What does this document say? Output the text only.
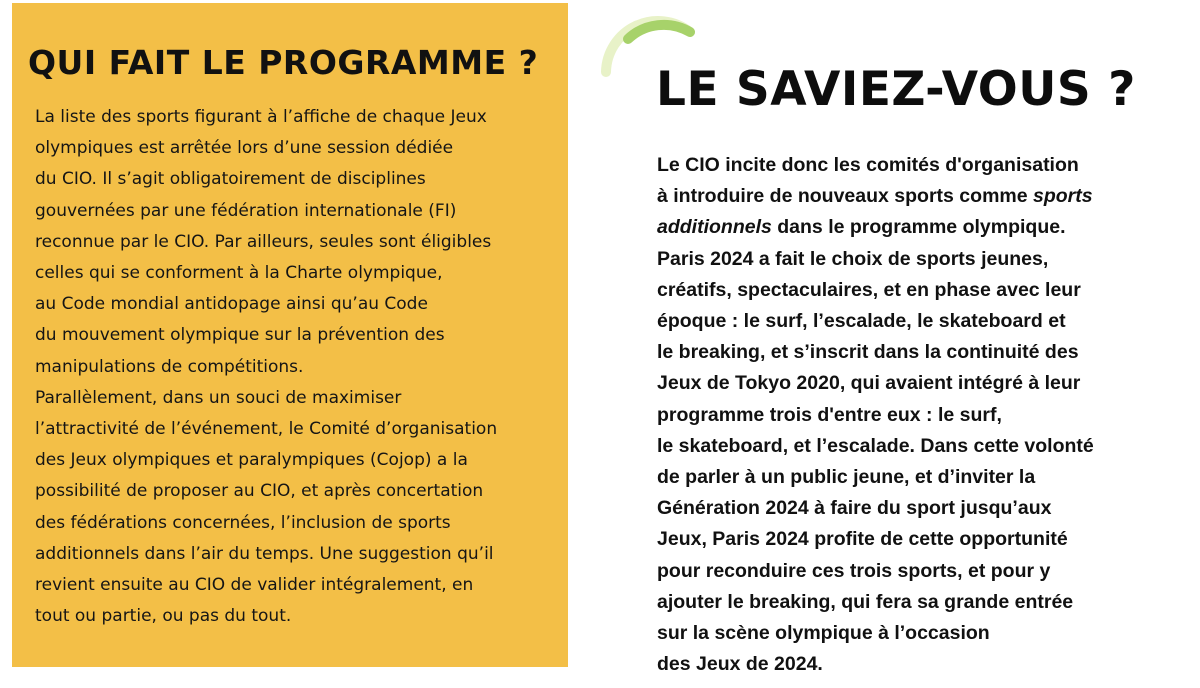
QUI FAIT LE PROGRAMME ?
La liste des sports figurant à l’affiche de chaque Jeux
olympiques est arrêtée lors d’une session dédiée
du CIO. Il s’agit obligatoirement de disciplines
gouvernées par une fédération internationale (FI)
reconnue par le CIO. Par ailleurs, seules sont éligibles
celles qui se conforment à la Charte olympique,
au Code mondial antidopage ainsi qu’au Code
du mouvement olympique sur la prévention des
manipulations de compétitions.
Parallèlement, dans un souci de maximiser
l’attractivité de l’événement, le Comité d’organisation
des Jeux olympiques et paralympiques (Cojop) a la
possibilité de proposer au CIO, et après concertation
des fédérations concernées, l’inclusion de sports
additionnels dans l’air du temps. Une suggestion qu’il
revient ensuite au CIO de valider intégralement, en
tout ou partie, ou pas du tout.
LE SAVIEZ-VOUS ?
Le CIO incite donc les comités d'organisation
à introduire de nouveaux sports comme sports
additionnels dans le programme olympique.
Paris 2024 a fait le choix de sports jeunes,
créatifs, spectaculaires, et en phase avec leur
époque : le surf, l’escalade, le skateboard et
le breaking, et s’inscrit dans la continuité des
Jeux de Tokyo 2020, qui avaient intégré à leur
programme trois d'entre eux : le surf,
le skateboard, et l’escalade. Dans cette volonté
de parler à un public jeune, et d’inviter la
Génération 2024 à faire du sport jusqu’aux
Jeux, Paris 2024 profite de cette opportunité
pour reconduire ces trois sports, et pour y
ajouter le breaking, qui fera sa grande entrée
sur la scène olympique à l’occasion
des Jeux de 2024.
